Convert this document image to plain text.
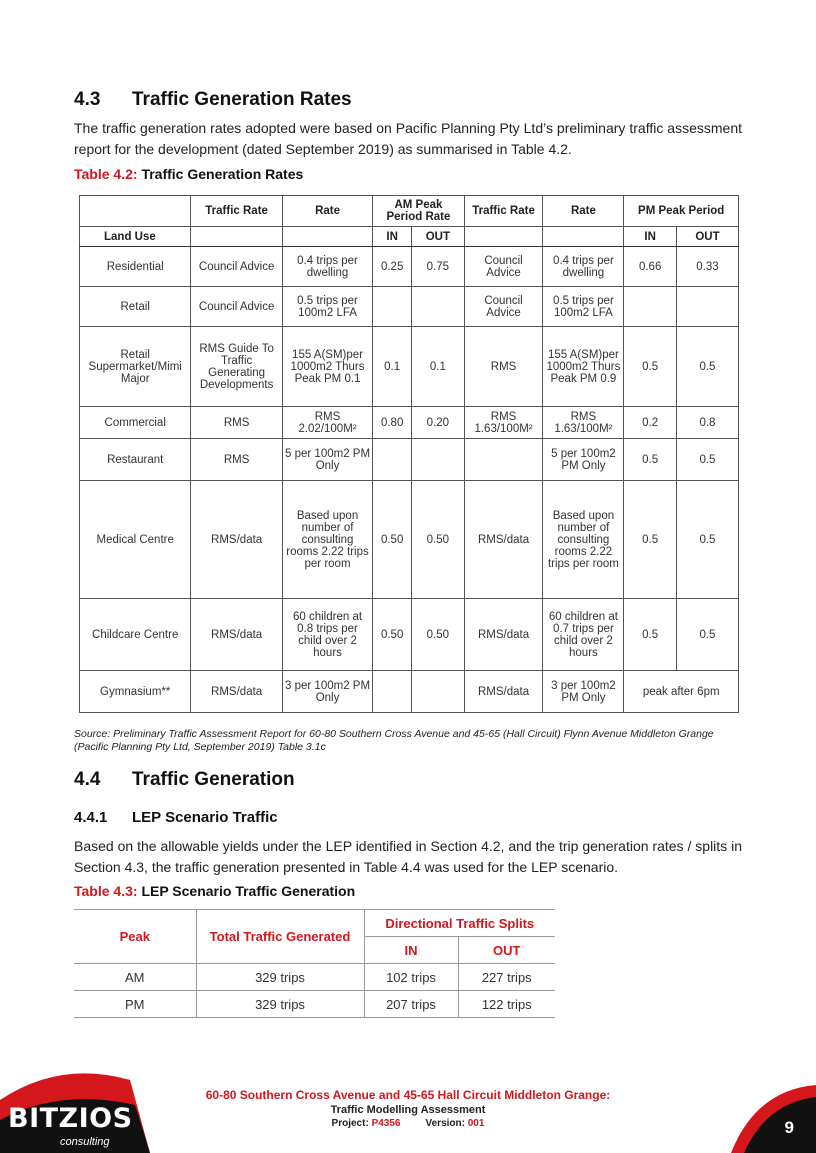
4.3 Traffic Generation Rates
The traffic generation rates adopted were based on Pacific Planning Pty Ltd’s preliminary traffic assessment report for the development (dated September 2019) as summarised in Table 4.2.
Table 4.2: Traffic Generation Rates
	Traffic Rate	Rate	AM Peak Period Rate		Traffic Rate	Rate	PM Peak Period	
Land Use			IN	OUT			IN	OUT
Residential	Council Advice	0.4 trips per dwelling	0.25	0.75	Council Advice	0.4 trips per dwelling	0.66	0.33
Retail	Council Advice	0.5 trips per 100m2 LFA			Council Advice	0.5 trips per 100m2 LFA		
Retail Supermarket/Mimi Major	RMS Guide To Traffic Generating Developments	155 A(SM)per 1000m2 Thurs Peak PM 0.1	0.1	0.1	RMS	155 A(SM)per 1000m2 Thurs Peak PM 0.9	0.5	0.5
Commercial	RMS	RMS 2.02/100M²	0.80	0.20	RMS 1.63/100M²	RMS 1.63/100M²	0.2	0.8
Restaurant	RMS	5 per 100m2 PM Only				5 per 100m2 PM Only	0.5	0.5
Medical Centre	RMS/data	Based upon number of consulting rooms 2.22 trips per room	0.50	0.50	RMS/data	Based upon number of consulting rooms 2.22 trips per room	0.5	0.5
Childcare Centre	RMS/data	60 children at 0.8 trips per child over 2 hours	0.50	0.50	RMS/data	60 children at 0.7 trips per child over 2 hours	0.5	0.5
Gymnasium**	RMS/data	3 per 100m2 PM Only			RMS/data	3 per 100m2 PM Only	peak after 6pm	
Source: Preliminary Traffic Assessment Report for 60-80 Southern Cross Avenue and 45-65 (Hall Circuit) Flynn Avenue Middleton Grange (Pacific Planning Pty Ltd, September 2019) Table 3.1c
4.4 Traffic Generation
4.4.1 LEP Scenario Traffic
Based on the allowable yields under the LEP identified in Section 4.2, and the trip generation rates / splits in Section 4.3, the traffic generation presented in Table 4.4 was used for the LEP scenario.
Table 4.3: LEP Scenario Traffic Generation
Peak	Total Traffic Generated	Directional Traffic Splits	
		IN	OUT
AM	329 trips	102 trips	227 trips
PM	329 trips	207 trips	122 trips
BITZIOS
consulting
60-80 Southern Cross Avenue and 45-65 Hall Circuit Middleton Grange:
Traffic Modelling Assessment
Project: P4356	Version: 001	9
